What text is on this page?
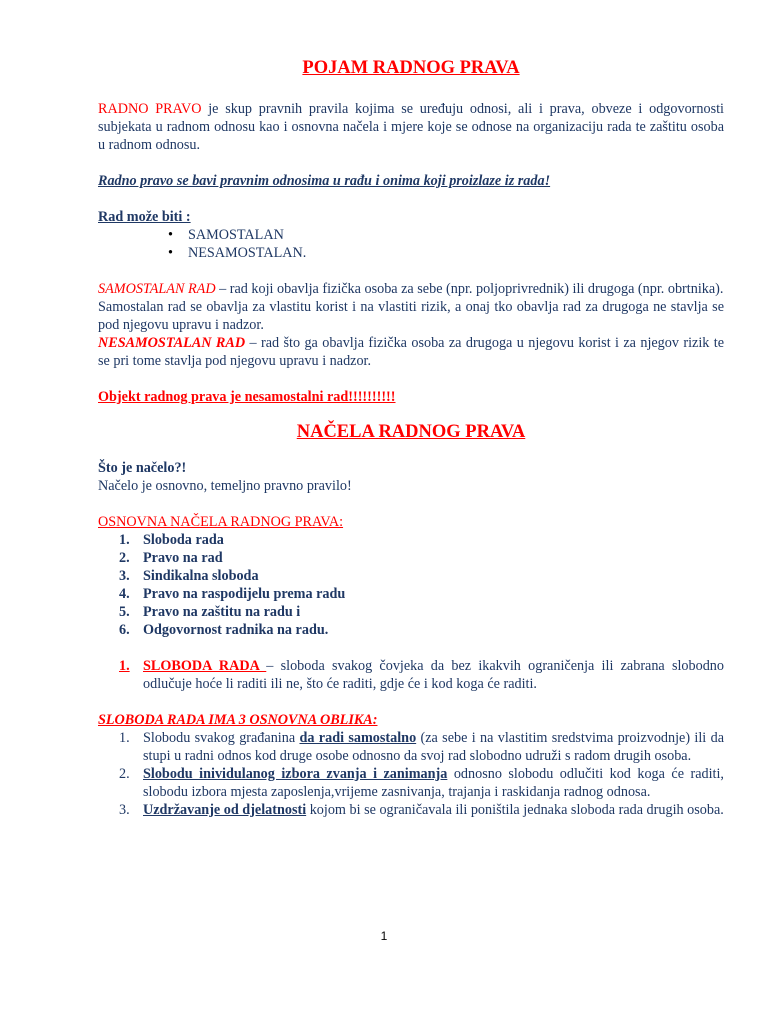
POJAM RADNOG PRAVA

RADNO PRAVO je skup pravnih pravila kojima se uređuju odnosi, ali i prava, obveze i odgovornosti subjekata u radnom odnosu kao i osnovna načela i mjere koje se odnose na organizaciju rada te zaštitu osoba u radnom odnosu.

Radno pravo se bavi pravnim odnosima u rađu i onima koji proizlaze iz rada!

Rad može biti :

• SAMOSTALAN
• NESAMOSTALAN.

SAMOSTALAN RAD – rad koji obavlja fizička osoba za sebe (npr. poljoprivrednik) ili drugoga (npr. obrtnika).

Samostalan rad se obavlja za vlastitu korist i na vlastiti rizik, a onaj tko obavlja rad za drugoga ne stavlja se pod njegovu upravu i nadzor.

NESAMOSTALAN RAD – rad što ga obavlja fizička osoba za drugoga u njegovu korist i za njegov rizik te se pri tome stavlja pod njegovu upravu i nadzor.

Objekt radnog prava je nesamostalni rad!!!!!!!!!!

NAČELA RADNOG PRAVA

Što je načelo?!

Načelo je osnovno, temeljno pravno pravilo!

OSNOVNA NAČELA RADNOG PRAVA:

1. Sloboda rada
2. Pravo na rad
3. Sindikalna sloboda
4. Pravo na raspodijelu prema radu
5. Pravo na zaštitu na radu i
6. Odgovornost radnika na radu.
1. SLOBODA RADA – sloboda svakog čovjeka da bez ikakvih ograničenja ili zabrana slobodno odlučuje hoće li raditi ili ne, što će raditi, gdje će i kod koga će raditi.

SLOBODA RADA IMA 3 OSNOVNA OBLIKA:

1. Slobodu svakog građanina da radi samostalno (za sebe i na vlastitim sredstvima proizvodnje) ili da stupi u radni odnos kod druge osobe odnosno da svoj rad slobodno udruži s radom drugih osoba.
2. Slobodu inividulanog izbora zvanja i zanimanja odnosno slobodu odlučiti kod koga će raditi, slobodu izbora mjesta zaposlenja,vrijeme zasnivanja, trajanja i raskidanja radnog odnosa.
3. Uzdržavanje od djelatnosti kojom bi se ograničavala ili poništila jednaka sloboda rada drugih osoba.
1
